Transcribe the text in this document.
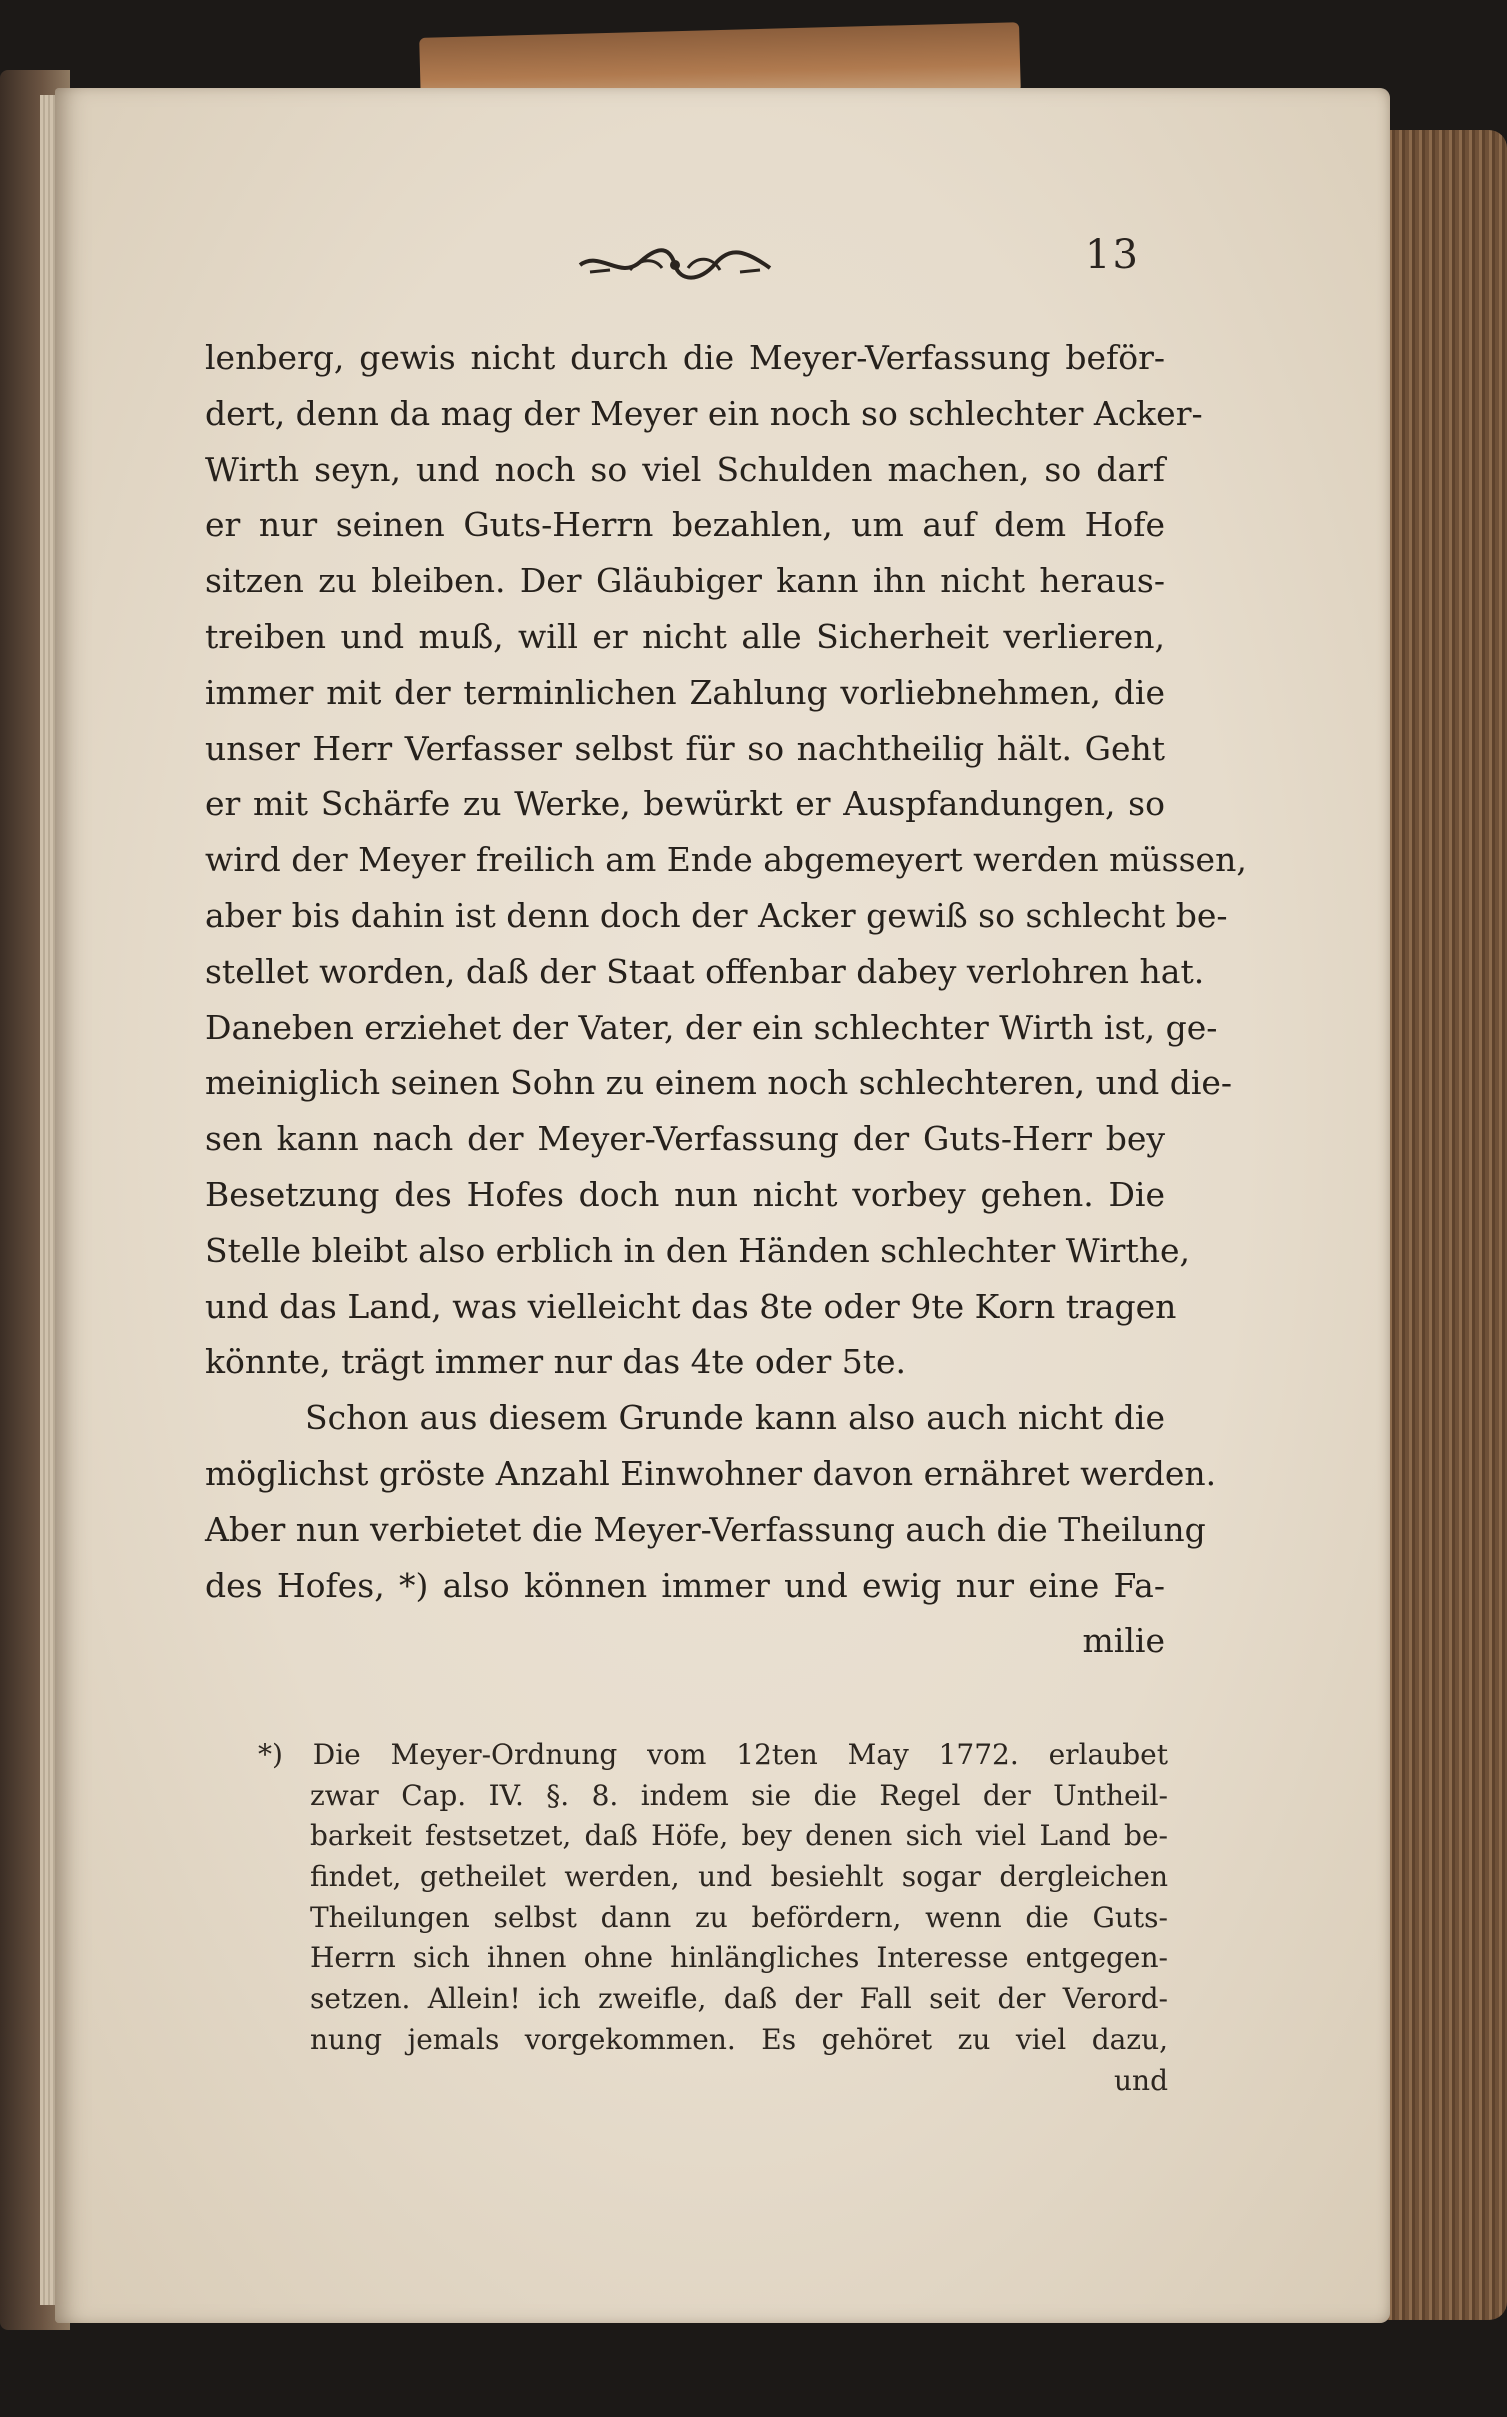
13
lenberg, gewis nicht durch die Meyer-Verfassung beför-
dert, denn da mag der Meyer ein noch so schlechter Acker-
Wirth seyn, und noch so viel Schulden machen, so darf
er nur seinen Guts-Herrn bezahlen, um auf dem Hofe
sitzen zu bleiben. Der Gläubiger kann ihn nicht heraus-
treiben und muß, will er nicht alle Sicherheit verlieren,
immer mit der terminlichen Zahlung vorliebnehmen, die
unser Herr Verfasser selbst für so nachtheilig hält. Geht
er mit Schärfe zu Werke, bewürkt er Auspfandungen, so
wird der Meyer freilich am Ende abgemeyert werden müssen,
aber bis dahin ist denn doch der Acker gewiß so schlecht be-
stellet worden, daß der Staat offenbar dabey verlohren hat.
Daneben erziehet der Vater, der ein schlechter Wirth ist, ge-
meiniglich seinen Sohn zu einem noch schlechteren, und die-
sen kann nach der Meyer-Verfassung der Guts-Herr bey
Besetzung des Hofes doch nun nicht vorbey gehen. Die
Stelle bleibt also erblich in den Händen schlechter Wirthe,
und das Land, was vielleicht das 8te oder 9te Korn tragen
könnte, trägt immer nur das 4te oder 5te.
Schon aus diesem Grunde kann also auch nicht die
möglichst gröste Anzahl Einwohner davon ernähret werden.
Aber nun verbietet die Meyer-Verfassung auch die Theilung
des Hofes, *) also können immer und ewig nur eine Fa-
milie
*) Die Meyer-Ordnung vom 12ten May 1772. erlaubet
zwar Cap. IV. §. 8. indem sie die Regel der Untheil-
barkeit festsetzet, daß Höfe, bey denen sich viel Land be-
findet, getheilet werden, und besiehlt sogar dergleichen
Theilungen selbst dann zu befördern, wenn die Guts-
Herrn sich ihnen ohne hinlängliches Interesse entgegen-
setzen. Allein! ich zweifle, daß der Fall seit der Verord-
nung jemals vorgekommen. Es gehöret zu viel dazu,
und
